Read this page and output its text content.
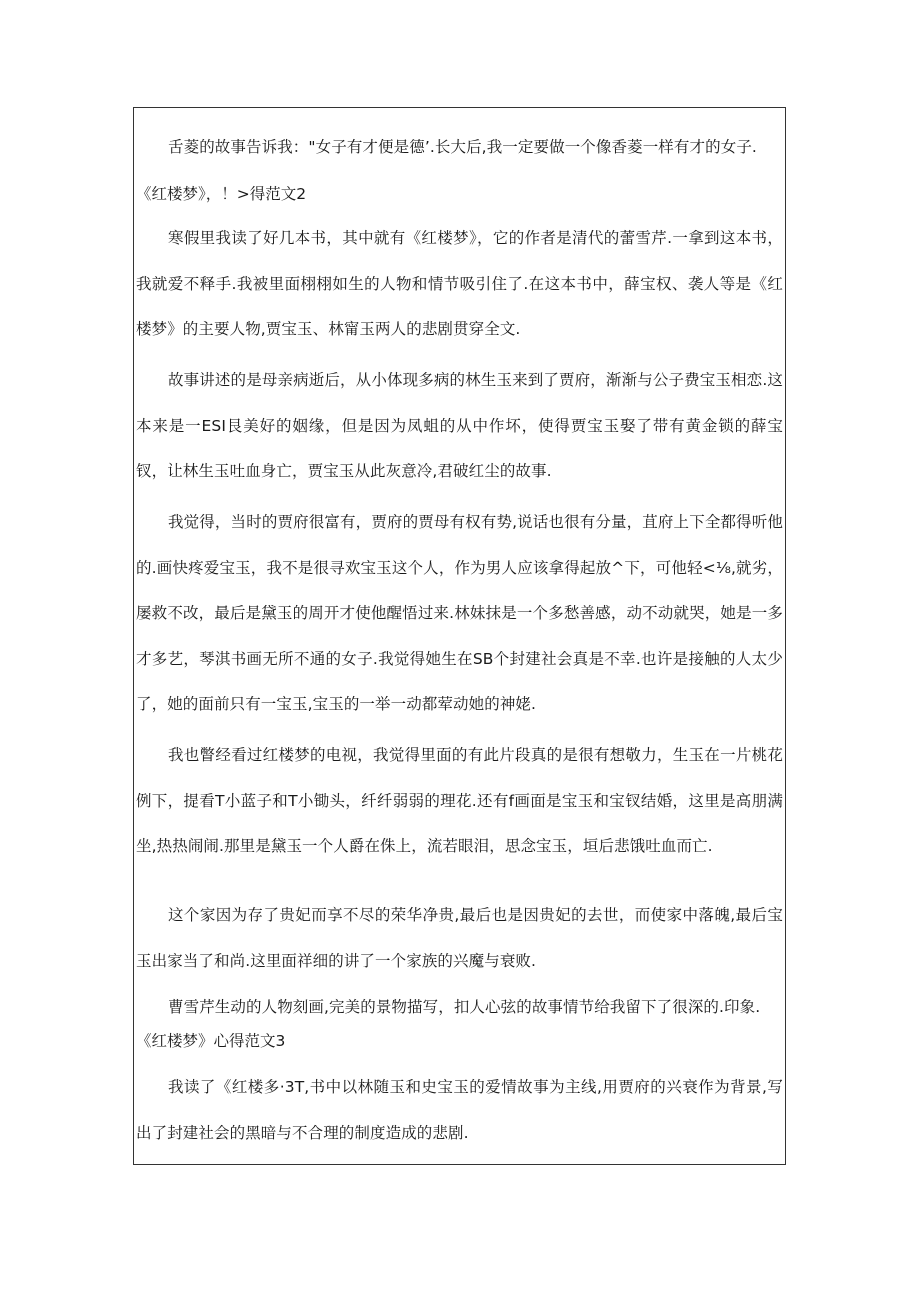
舌菱的故事告诉我："女子有才便是德’.长大后,我一定要做一个像香菱一样有才的女子.

《红楼梦》，！>得范文2

寒假里我读了好几本书，其中就有《红楼梦》，它的作者是清代的蕾雪芹.一拿到这本书，我就爱不释手.我被里面栩栩如生的人物和情节吸引住了.在这本书中，薛宝权、袭人等是《红楼梦》的主要人物,贾宝玉、林甯玉两人的悲剧贯穿全文.

故事讲述的是母亲病逝后，从小体现多病的林生玉来到了贾府，渐渐与公子费宝玉相恋.这本来是一ESI艮美好的姻缘，但是因为凤蛆的从中作坏，使得贾宝玉娶了带有黄金锁的薛宝钗，让林生玉吐血身亡，贾宝玉从此灰意冷,君破红尘的故事.

我觉得，当时的贾府很富有，贾府的贾母有权有势,说话也很有分量，苴府上下全都得听他的.画快疼爱宝玉，我不是很寻欢宝玉这个人，作为男人应该拿得起放^下，可他轻<⅛,就劣，屡救不改，最后是黛玉的周开才使他醒悟过来.林妹抹是一个多愁善感，动不动就哭，她是一多才多艺，琴淇书画无所不通的女子.我觉得她生在SB个封建社会真是不幸.也许是接触的人太少了，她的面前只有一宝玉,宝玉的一举一动都荤动她的神姥.

我也瞥经看过红楼梦的电视，我觉得里面的有此片段真的是很有想敬力，生玉在一片桃花例下，提看T小蓝子和T小锄头，纤纤弱弱的理花.还有f画面是宝玉和宝钗结婚，这里是高朋满坐,热热闹闹.那里是黛玉一个人爵在侏上，流若眼泪，思念宝玉，垣后悲饿吐血而亡.

这个家因为存了贵妃而享不尽的荣华净贵,最后也是因贵妃的去世，而使家中落魄,最后宝玉出家当了和尚.这里面祥细的讲了一个家族的兴魔与衰败.

曹雪芹生动的人物刻画,完美的景物描写，扣人心弦的故事情节给我留下了很深的.印象.

《红楼梦》心得范文3

我读了《红楼多·3T,书中以林随玉和史宝玉的爱情故事为主线,用贾府的兴衰作为背景,写出了封建社会的黑暗与不合理的制度造成的悲剧.
